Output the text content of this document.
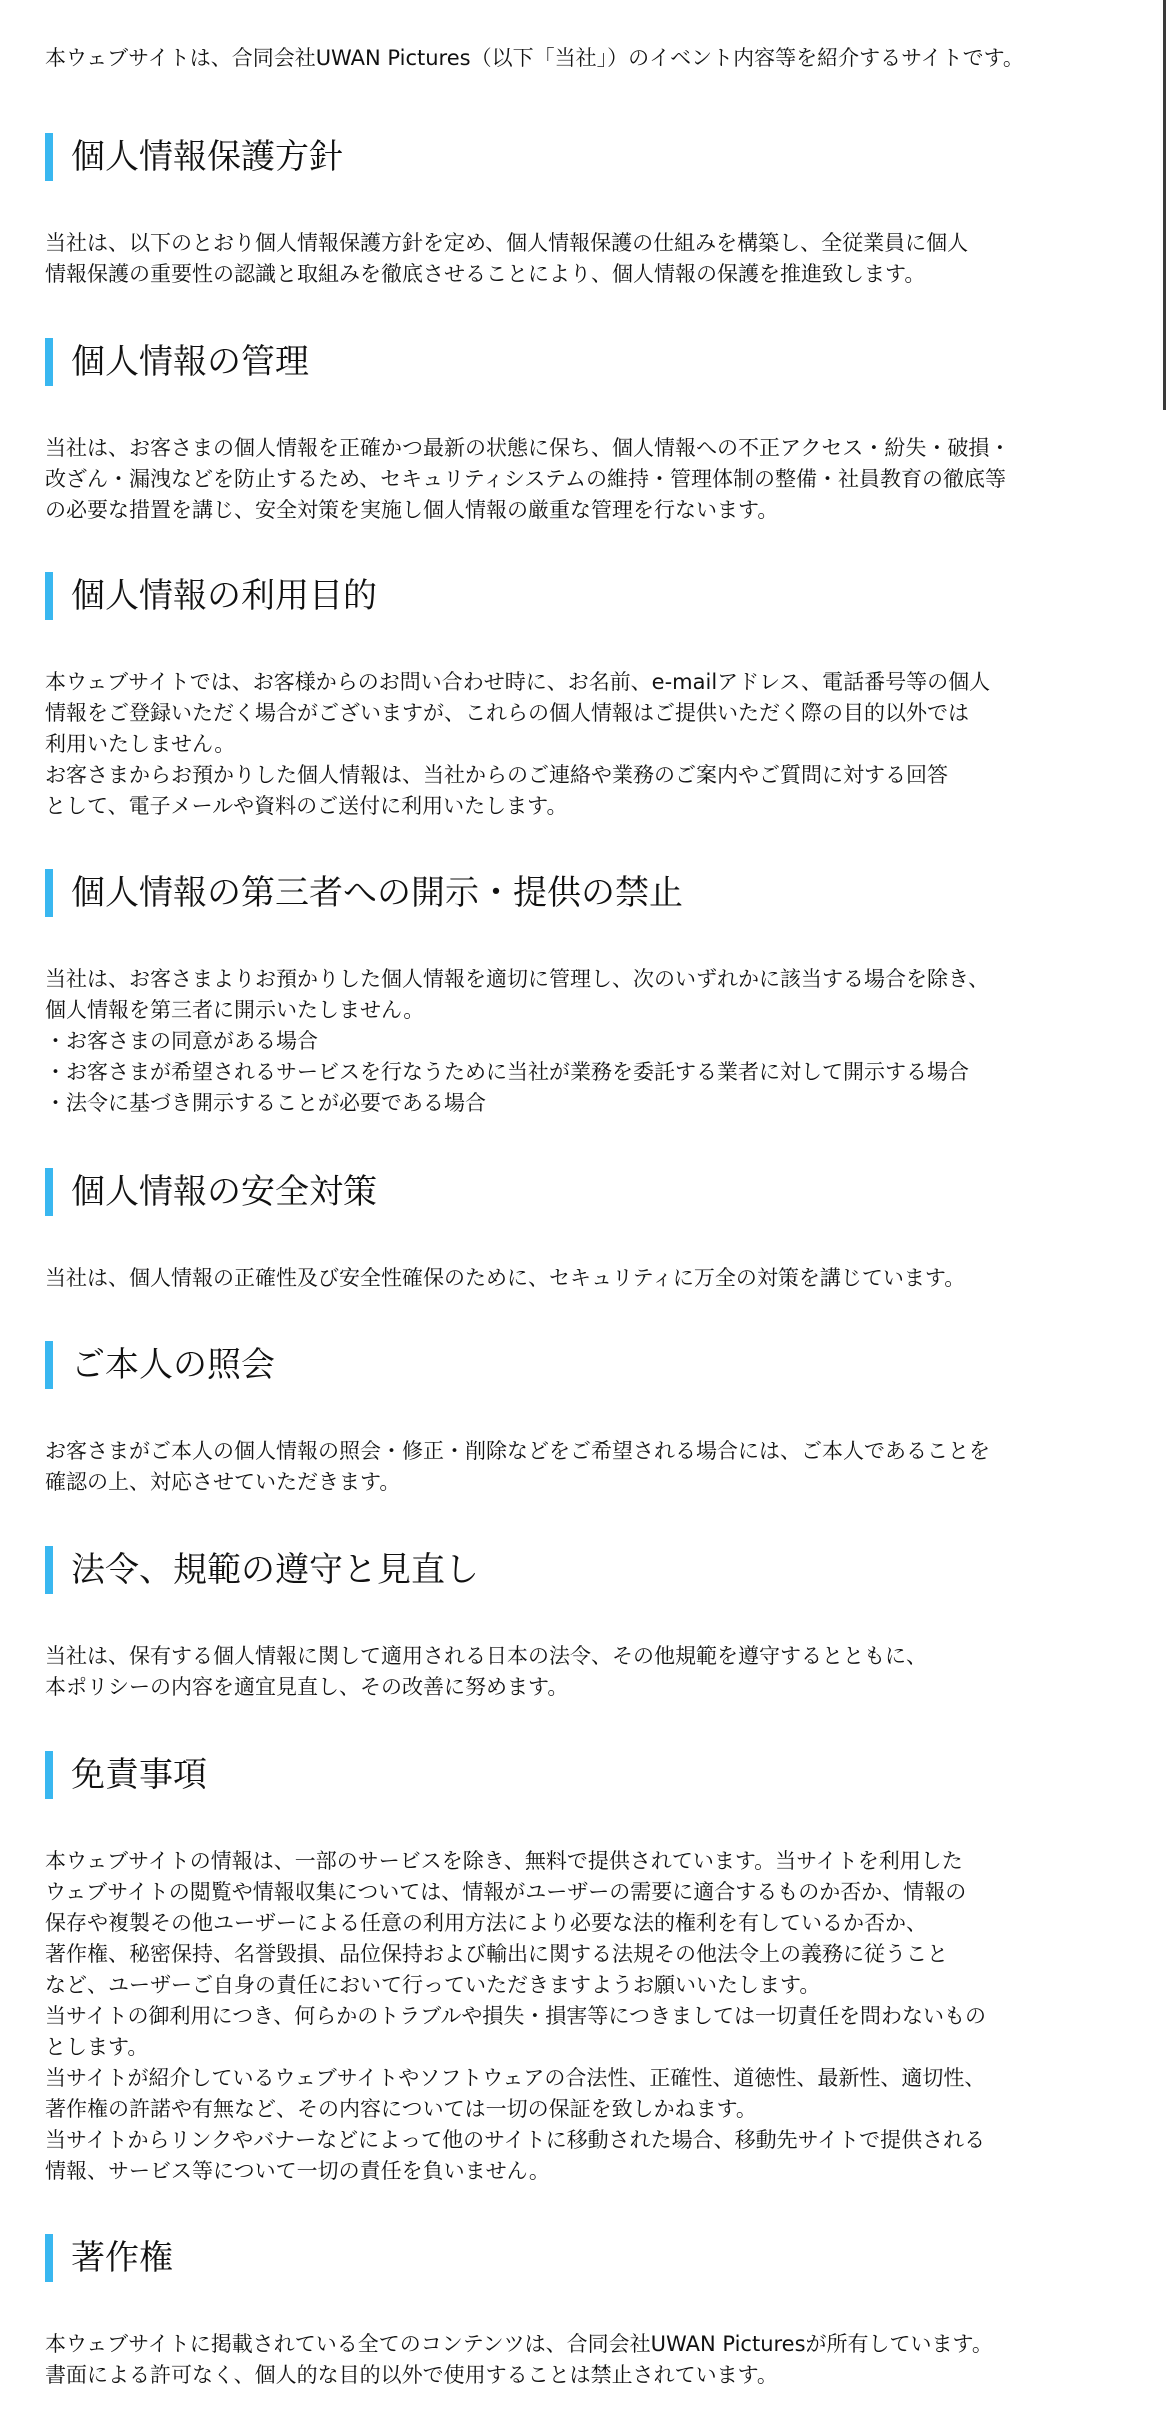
本ウェブサイトは、合同会社UWAN Pictures（以下「当社」）のイベント内容等を紹介するサイトです。
個人情報保護方針
当社は、以下のとおり個人情報保護方針を定め、個人情報保護の仕組みを構築し、全従業員に個人
情報保護の重要性の認識と取組みを徹底させることにより、個人情報の保護を推進致します。
個人情報の管理
当社は、お客さまの個人情報を正確かつ最新の状態に保ち、個人情報への不正アクセス・紛失・破損・
改ざん・漏洩などを防止するため、セキュリティシステムの維持・管理体制の整備・社員教育の徹底等
の必要な措置を講じ、安全対策を実施し個人情報の厳重な管理を行ないます。
個人情報の利用目的
本ウェブサイトでは、お客様からのお問い合わせ時に、お名前、e-mailアドレス、電話番号等の個人
情報をご登録いただく場合がございますが、これらの個人情報はご提供いただく際の目的以外では
利用いたしません。
お客さまからお預かりした個人情報は、当社からのご連絡や業務のご案内やご質問に対する回答
として、電子メールや資料のご送付に利用いたします。
個人情報の第三者への開示・提供の禁止
当社は、お客さまよりお預かりした個人情報を適切に管理し、次のいずれかに該当する場合を除き、
個人情報を第三者に開示いたしません。
・お客さまの同意がある場合
・お客さまが希望されるサービスを行なうために当社が業務を委託する業者に対して開示する場合
・法令に基づき開示することが必要である場合
個人情報の安全対策
当社は、個人情報の正確性及び安全性確保のために、セキュリティに万全の対策を講じています。
ご本人の照会
お客さまがご本人の個人情報の照会・修正・削除などをご希望される場合には、ご本人であることを
確認の上、対応させていただきます。
法令、規範の遵守と見直し
当社は、保有する個人情報に関して適用される日本の法令、その他規範を遵守するとともに、
本ポリシーの内容を適宜見直し、その改善に努めます。
免責事項
本ウェブサイトの情報は、一部のサービスを除き、無料で提供されています。当サイトを利用した
ウェブサイトの閲覧や情報収集については、情報がユーザーの需要に適合するものか否か、情報の
保存や複製その他ユーザーによる任意の利用方法により必要な法的権利を有しているか否か、
著作権、秘密保持、名誉毀損、品位保持および輸出に関する法規その他法令上の義務に従うこと
など、ユーザーご自身の責任において行っていただきますようお願いいたします。
当サイトの御利用につき、何らかのトラブルや損失・損害等につきましては一切責任を問わないもの
とします。
当サイトが紹介しているウェブサイトやソフトウェアの合法性、正確性、道徳性、最新性、適切性、
著作権の許諾や有無など、その内容については一切の保証を致しかねます。
当サイトからリンクやバナーなどによって他のサイトに移動された場合、移動先サイトで提供される
情報、サービス等について一切の責任を負いません。
著作権
本ウェブサイトに掲載されている全てのコンテンツは、合同会社UWAN Picturesが所有しています。
書面による許可なく、個人的な目的以外で使用することは禁止されています。
